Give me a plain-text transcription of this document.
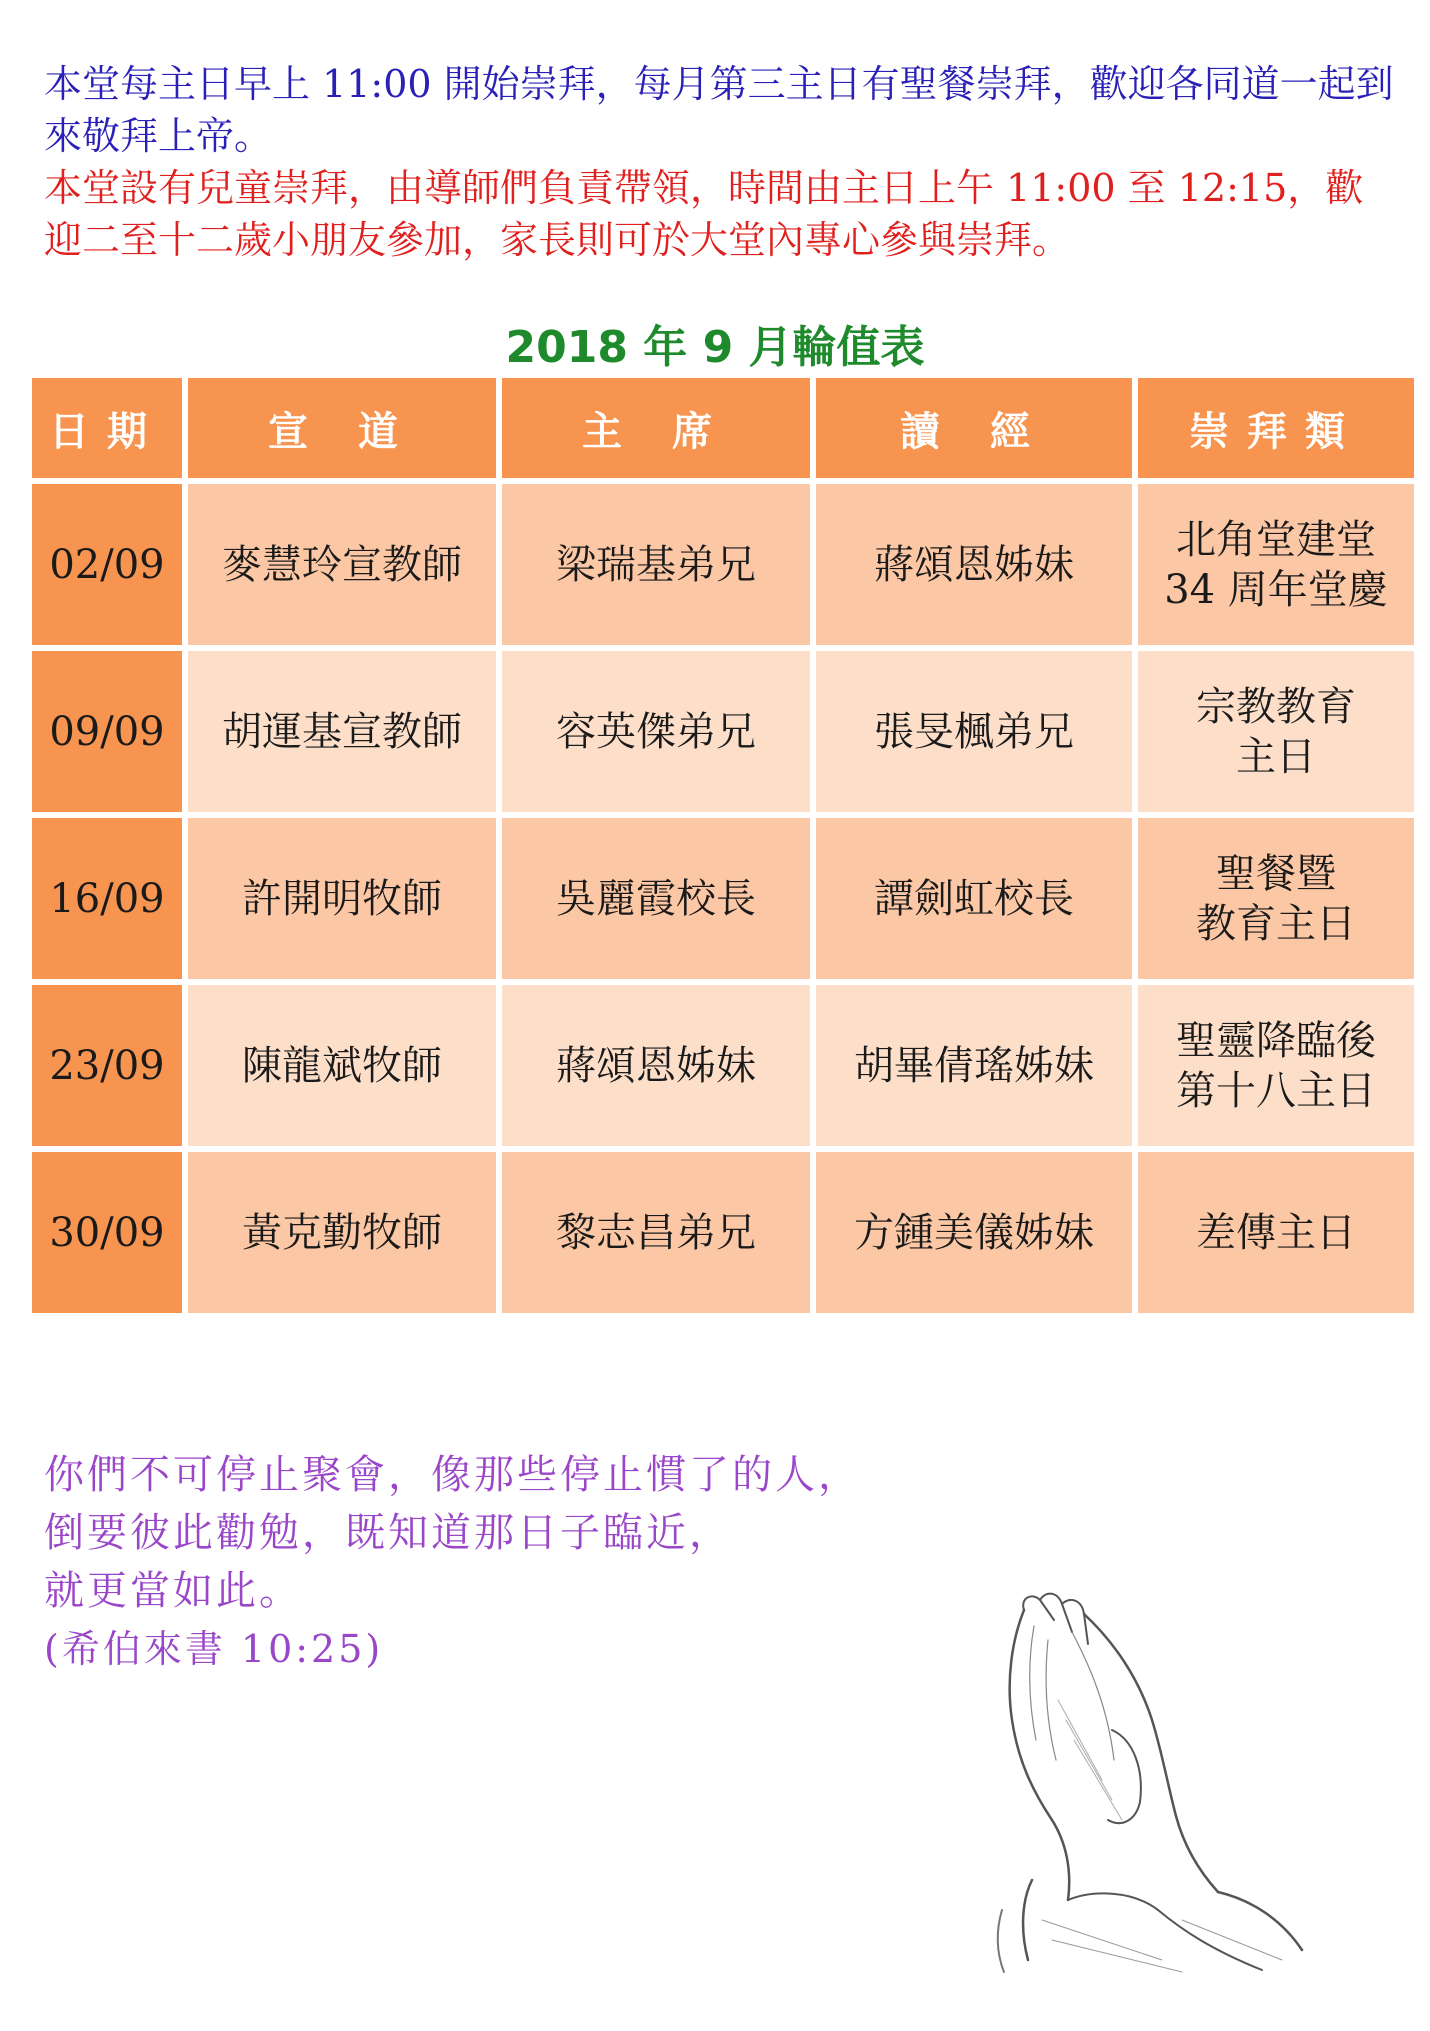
本堂每主日早上 11:00 開始崇拜，每月第三主日有聖餐崇拜，歡迎各同道一起到來敬拜上帝。

本堂設有兒童崇拜，由導師們負責帶領，時間由主日上午 11:00 至 12:15，歡迎二至十二歲小朋友參加，家長則可於大堂內專心參與崇拜。

2018 年 9 月輪值表
日期	宣 道	主 席	讀 經	崇拜類
02/09	麥慧玲宣教師	梁瑞基弟兄	蔣頌恩姊妹	北角堂建堂
34 周年堂慶

09/09	胡運基宣教師	容英傑弟兄	張旻楓弟兄	宗教教育
主日

16/09	許開明牧師	吳麗霞校長	譚劍虹校長	聖餐暨
教育主日

23/09	陳龍斌牧師	蔣頌恩姊妹	胡畢倩瑤姊妹	聖靈降臨後
第十八主日

30/09	黃克勤牧師	黎志昌弟兄	方鍾美儀姊妹	差傳主日

你們不可停止聚會，像那些停止慣了的人，

倒要彼此勸勉，既知道那日子臨近，

就更當如此。

(希伯來書 10:25)
